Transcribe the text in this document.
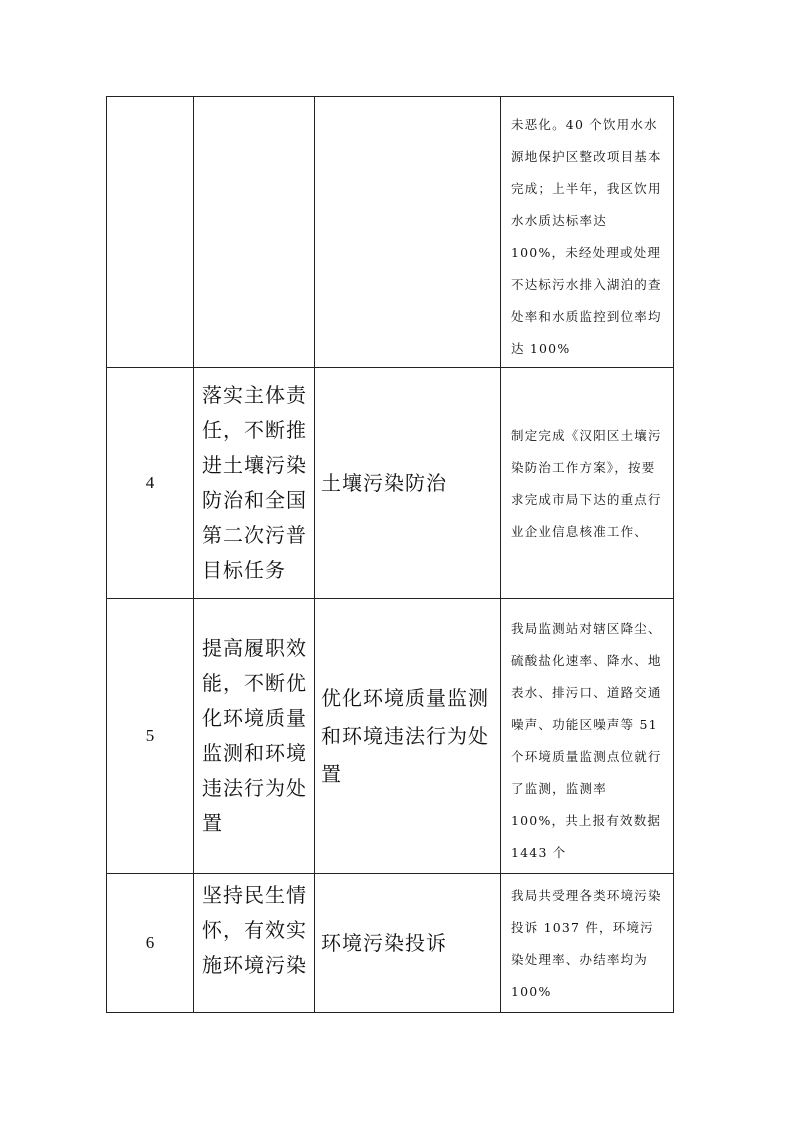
			未恶化。40 个饮用水水源地保护区整改项目基本完成；上半年，我区饮用水水质达标率达 100%，未经处理或处理不达标污水排入湖泊的查处率和水质监控到位率均达 100%
4	落实主体责任，不断推进土壤污染防治和全国第二次污普目标任务	土壤污染防治	制定完成《汉阳区土壤污染防治工作方案》，按要求完成市局下达的重点行业企业信息核准工作、
5	提高履职效能，不断优化环境质量监测和环境违法行为处置	优化环境质量监测和环境违法行为处置	我局监测站对辖区降尘、硫酸盐化速率、降水、地表水、排污口、道路交通噪声、功能区噪声等 51 个环境质量监测点位就行了监测，监测率 100%，共上报有效数据 1443 个
6	坚持民生情怀，有效实施环境污染	环境污染投诉	我局共受理各类环境污染投诉 1037 件，环境污染处理率、办结率均为 100%
